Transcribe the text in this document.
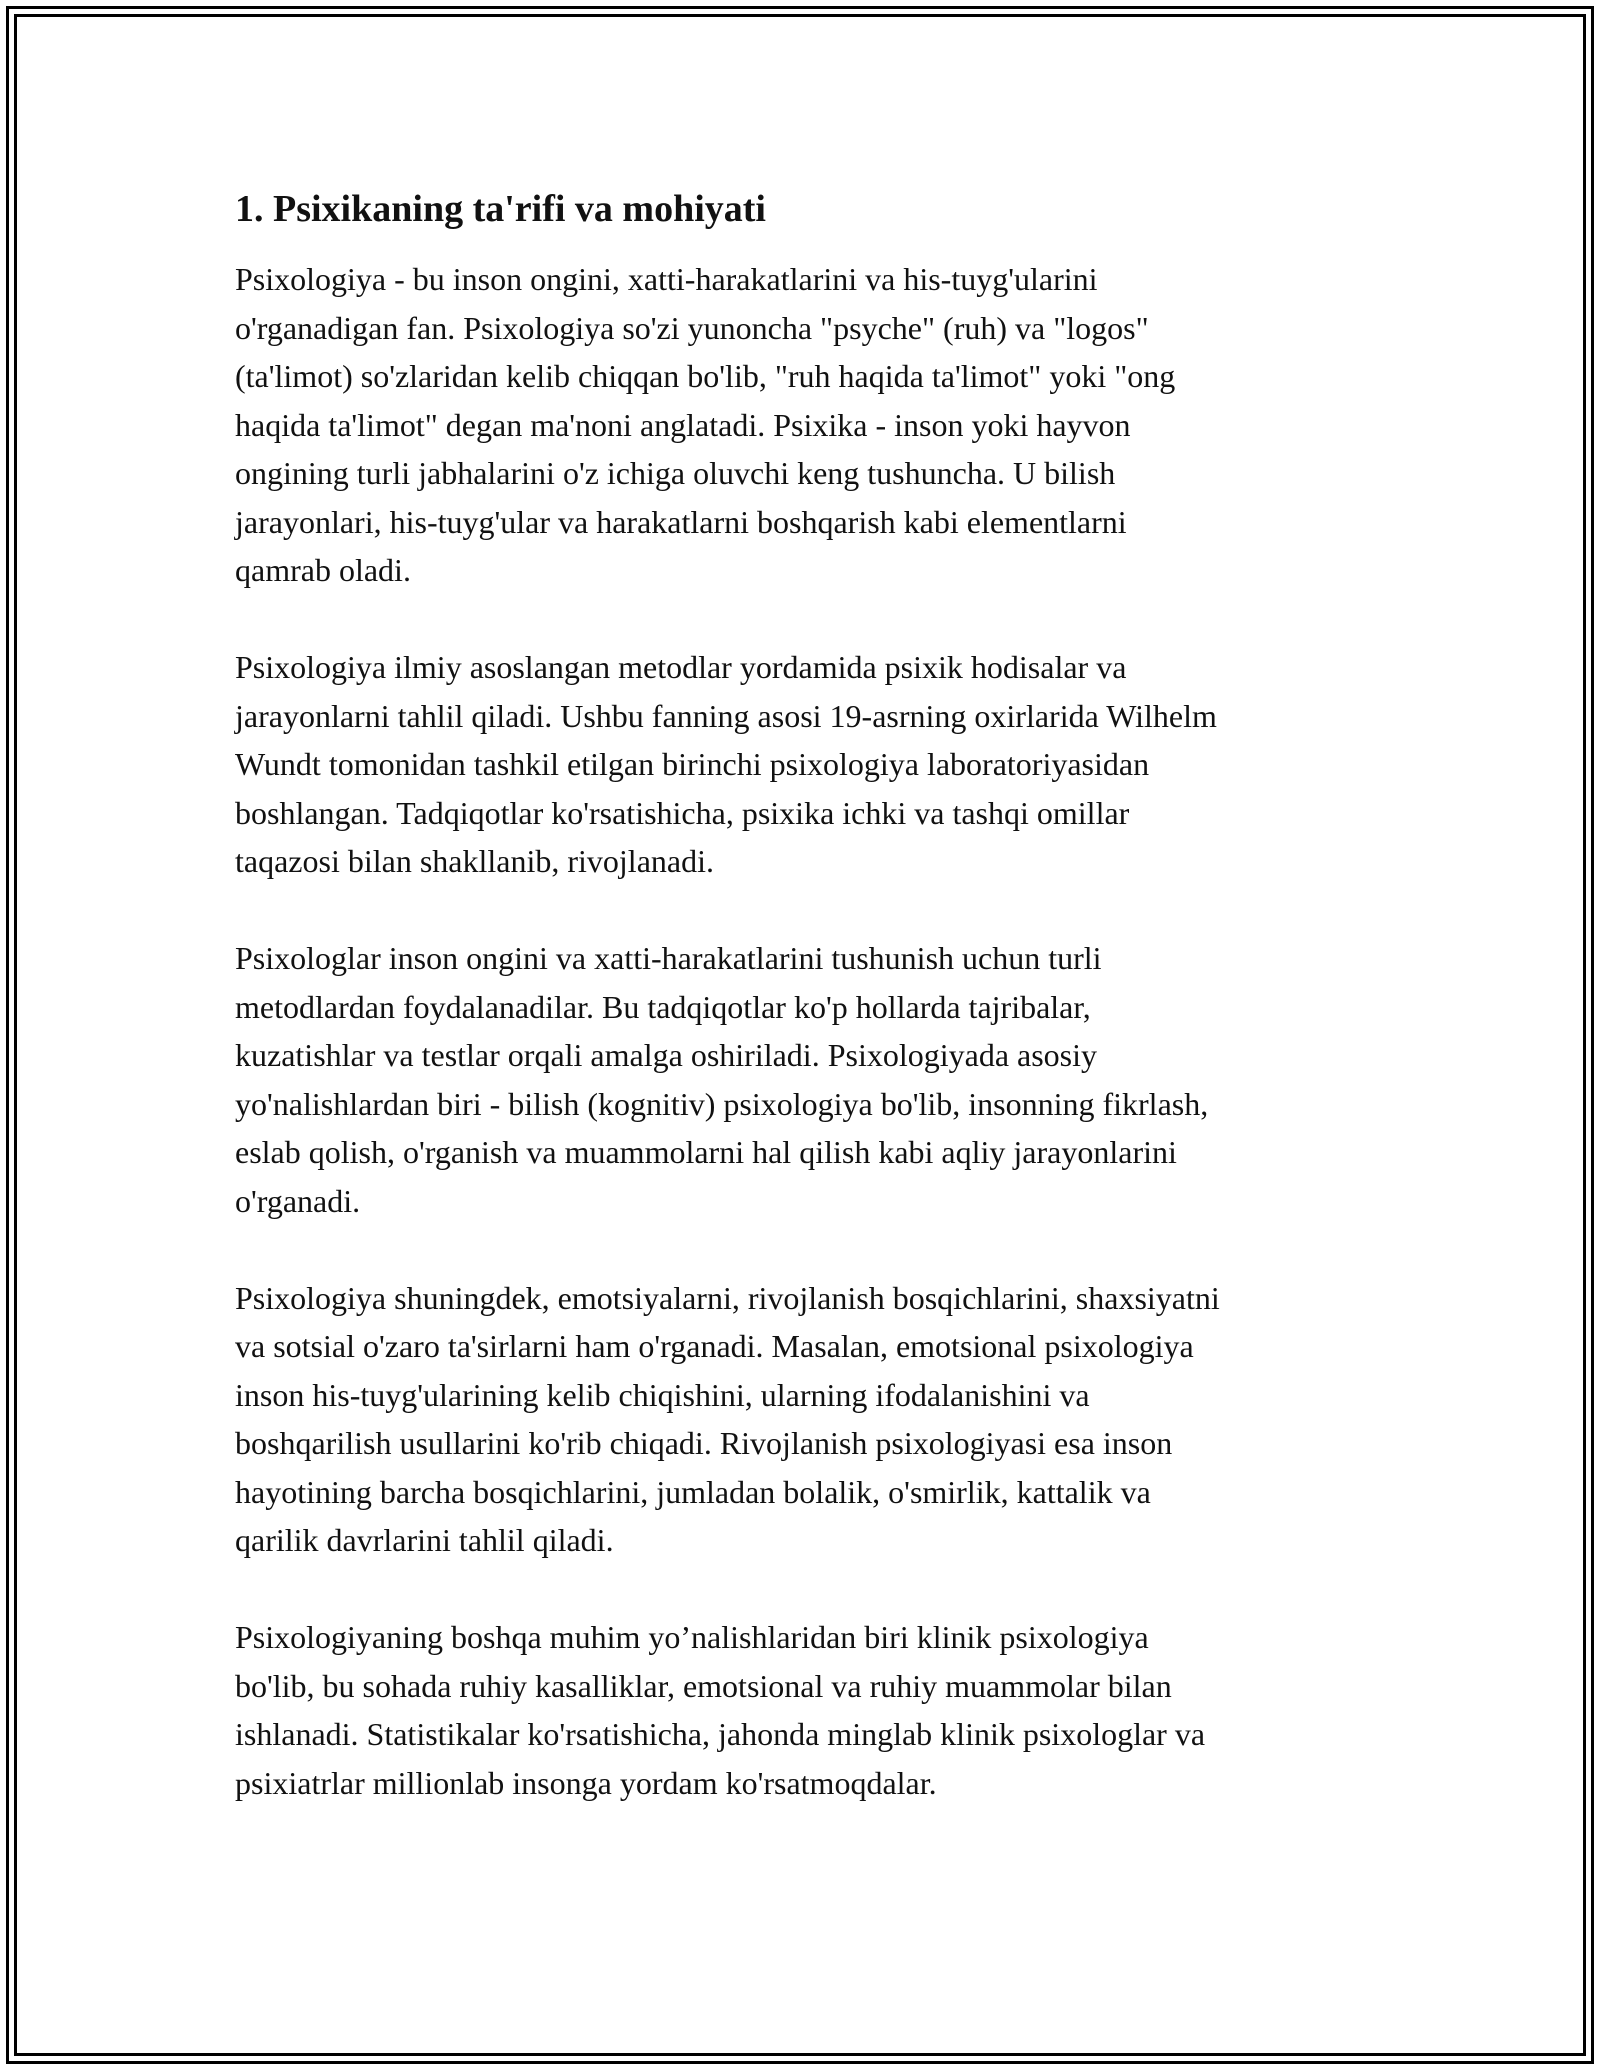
1. Psixikaning ta'rifi va mohiyati

Psixologiya - bu inson ongini, xatti-harakatlarini va his-tuyg'ularini
o'rganadigan fan. Psixologiya so'zi yunoncha "psyche" (ruh) va "logos"
(ta'limot) so'zlaridan kelib chiqqan bo'lib, "ruh haqida ta'limot" yoki "ong
haqida ta'limot" degan ma'noni anglatadi. Psixika - inson yoki hayvon
ongining turli jabhalarini o'z ichiga oluvchi keng tushuncha. U bilish
jarayonlari, his-tuyg'ular va harakatlarni boshqarish kabi elementlarni
qamrab oladi.

Psixologiya ilmiy asoslangan metodlar yordamida psixik hodisalar va
jarayonlarni tahlil qiladi. Ushbu fanning asosi 19-asrning oxirlarida Wilhelm
Wundt tomonidan tashkil etilgan birinchi psixologiya laboratoriyasidan
boshlangan. Tadqiqotlar ko'rsatishicha, psixika ichki va tashqi omillar
taqazosi bilan shakllanib, rivojlanadi.

Psixologlar inson ongini va xatti-harakatlarini tushunish uchun turli
metodlardan foydalanadilar. Bu tadqiqotlar ko'p hollarda tajribalar,
kuzatishlar va testlar orqali amalga oshiriladi. Psixologiyada asosiy
yo'nalishlardan biri - bilish (kognitiv) psixologiya bo'lib, insonning fikrlash,
eslab qolish, o'rganish va muammolarni hal qilish kabi aqliy jarayonlarini
o'rganadi.

Psixologiya shuningdek, emotsiyalarni, rivojlanish bosqichlarini, shaxsiyatni
va sotsial o'zaro ta'sirlarni ham o'rganadi. Masalan, emotsional psixologiya
inson his-tuyg'ularining kelib chiqishini, ularning ifodalanishini va
boshqarilish usullarini ko'rib chiqadi. Rivojlanish psixologiyasi esa inson
hayotining barcha bosqichlarini, jumladan bolalik, o'smirlik, kattalik va
qarilik davrlarini tahlil qiladi.

Psixologiyaning boshqa muhim yo’nalishlaridan biri klinik psixologiya
bo'lib, bu sohada ruhiy kasalliklar, emotsional va ruhiy muammolar bilan
ishlanadi. Statistikalar ko'rsatishicha, jahonda minglab klinik psixologlar va
psixiatrlar millionlab insonga yordam ko'rsatmoqdalar.
